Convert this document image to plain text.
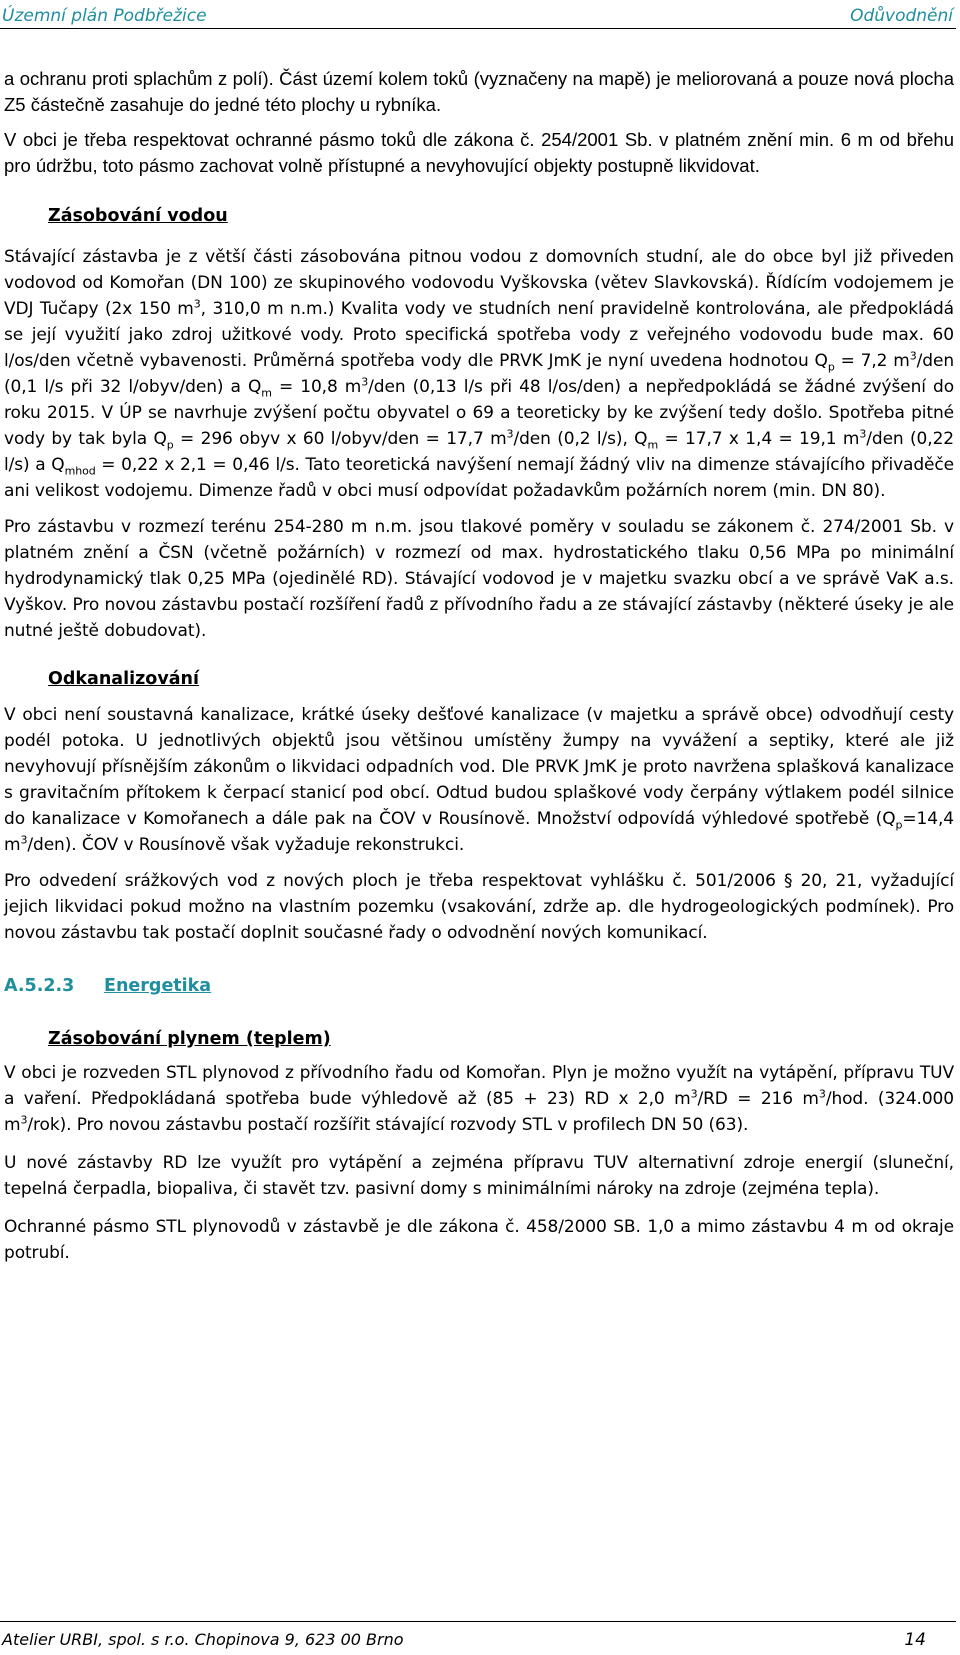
Územní plán Podbřežice	Odůvodnění

a ochranu proti splachům z polí). Část území kolem toků (vyznačeny na mapě) je meliorovaná a pouze nová plocha Z5 částečně zasahuje do jedné této plochy u rybníka.

V obci je třeba respektovat ochranné pásmo toků dle zákona č. 254/2001 Sb. v platném znění min. 6 m od břehu pro údržbu, toto pásmo zachovat volně přístupné a nevyhovující objekty postupně likvidovat.

Zásobování vodou

Stávající zástavba je z větší části zásobována pitnou vodou z domovních studní, ale do obce byl již přiveden vodovod od Komořan (DN 100) ze skupinového vodovodu Vyškovska (větev Slavkovská). Řídícím vodojemem je VDJ Tučapy (2x 150 $m^3$, 310,0 m n.m.) Kvalita vody ve studních není pravidelně kontrolována, ale předpokládá se její využití jako zdroj užitkové vody. Proto specifická spotřeba vody z veřejného vodovodu bude max. 60 l/os/den včetně vybavenosti. Průměrná spotřeba vody dle PRVK JmK je nyní uvedena hodnotou $Q_p = 7,2$ $m^3$/den (0,1 l/s při 32 l/obyv/den) a $Q_m = 10,8$ $m^3$/den (0,13 l/s při 48 l/os/den) a nepředpokládá se žádné zvýšení do roku 2015. V ÚP se navrhuje zvýšení počtu obyvatel o 69 a teoreticky by ke zvýšení tedy došlo. Spotřeba pitné vody by tak byla $Q_p = 296$ obyv x 60 l/obyv/den = 17,7 $m^3$/den (0,2 l/s), $Q_m = 17,7$ x 1,4 = 19,1 $m^3$/den (0,22 l/s) a $Q_{mhod} = 0,22$ x 2,1 = 0,46 l/s. Tato teoretická navýšení nemají žádný vliv na dimenze stávajícího přivaděče ani velikost vodojemu. Dimenze řadů v obci musí odpovídat požadavkům požárních norem (min. DN 80).

Pro zástavbu v rozmezí terénu 254-280 m n.m. jsou tlakové poměry v souladu se zákonem č. 274/2001 Sb. v platném znění a ČSN (včetně požárních) v rozmezí od max. hydrostatického tlaku 0,56 MPa po minimální hydrodynamický tlak 0,25 MPa (ojedinělé RD). Stávající vodovod je v majetku svazku obcí a ve správě VaK a.s. Vyškov. Pro novou zástavbu postačí rozšíření řadů z přívodního řadu a ze stávající zástavby (některé úseky je ale nutné ještě dobudovat).

Odkanalizování

V obci není soustavná kanalizace, krátké úseky dešťové kanalizace (v majetku a správě obce) odvodňují cesty podél potoka. U jednotlivých objektů jsou většinou umístěny žumpy na vyvážení a septiky, které ale již nevyhovují přísnějším zákonům o likvidaci odpadních vod. Dle PRVK JmK je proto navržena splašková kanalizace s gravitačním přítokem k čerpací stanicí pod obcí. Odtud budou splaškové vody čerpány výtlakem podél silnice do kanalizace v Komořanech a dále pak na ČOV v Rousínově. Množství odpovídá výhledové spotřebě ($Q_p=14,4$ $m^3/den$). ČOV v Rousínově však vyžaduje rekonstrukci.

Pro odvedení srážkových vod z nových ploch je třeba respektovat vyhlášku č. 501/2006 § 20, 21, vyžadující jejich likvidaci pokud možno na vlastním pozemku (vsakování, zdrže ap. dle hydrogeologických podmínek). Pro novou zástavbu tak postačí doplnit současné řady o odvodnění nových komunikací.

A.5.2.3 Energetika
Zásobování plynem (teplem)

V obci je rozveden STL plynovod z přívodního řadu od Komořan. Plyn je možno využít na vytápění, přípravu TUV a vaření. Předpokládaná spotřeba bude výhledově až (85 + 23) RD x 2,0 $m^3/RD = 216$ $m^3$/hod. (324.000 $m^3/rok$). Pro novou zástavbu postačí rozšířit stávající rozvody STL v profilech DN 50 (63).

U nové zástavby RD lze využít pro vytápění a zejména přípravu TUV alternativní zdroje energií (sluneční, tepelná čerpadla, biopaliva, či stavět tzv. pasivní domy s minimálními nároky na zdroje (zejména tepla).

Ochranné pásmo STL plynovodů v zástavbě je dle zákona č. 458/2000 SB. 1,0 a mimo zástavbu 4 m od okraje potrubí.

Atelier URBI, spol. s r.o. Chopinova 9, 623 00 Brno	14
